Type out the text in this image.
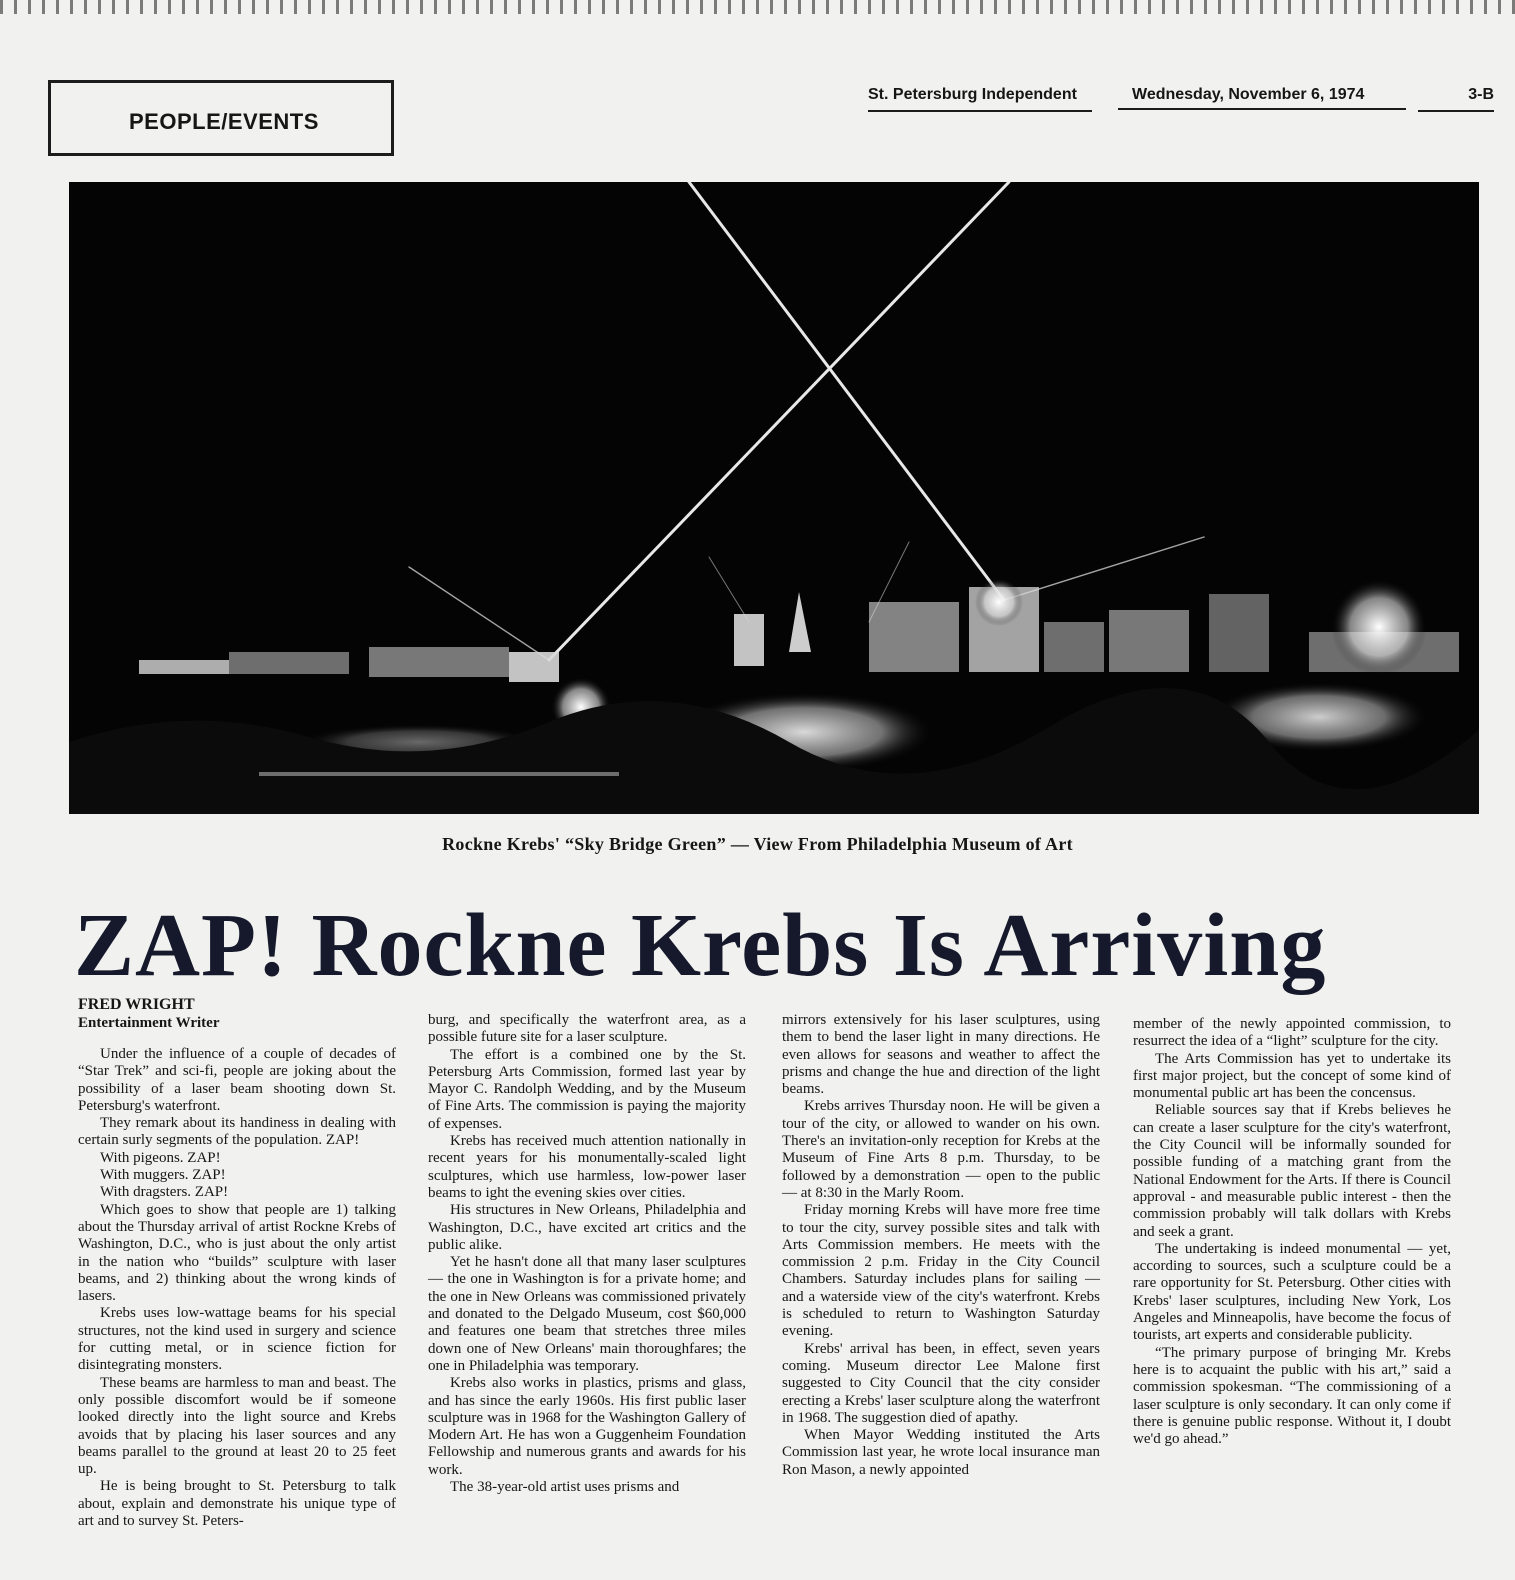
PEOPLE/EVENTS
St. Petersburg Independent	Wednesday, November 6, 1974	3-B
Rockne Krebs' “Sky Bridge Green” — View From Philadelphia Museum of Art
ZAP! Rockne Krebs Is Arriving
FRED WRIGHT
Entertainment Writer

Under the influence of a couple of decades of “Star Trek” and sci-fi, people are joking about the possibility of a laser beam shooting down St. Petersburg's waterfront.

They remark about its handiness in dealing with certain surly segments of the population. ZAP!

With pigeons. ZAP!

With muggers. ZAP!

With dragsters. ZAP!

Which goes to show that people are 1) talking about the Thursday arrival of artist Rockne Krebs of Washington, D.C., who is just about the only artist in the nation who “builds” sculpture with laser beams, and 2) thinking about the wrong kinds of lasers.

Krebs uses low-wattage beams for his special structures, not the kind used in surgery and science for cutting metal, or in science fiction for disintegrating monsters.

These beams are harmless to man and beast. The only possible discomfort would be if someone looked directly into the light source and Krebs avoids that by placing his laser sources and any beams parallel to the ground at least 20 to 25 feet up.

He is being brought to St. Petersburg to talk about, explain and demonstrate his unique type of art and to survey St. Peters-

burg, and specifically the waterfront area, as a possible future site for a laser sculpture.

The effort is a combined one by the St. Petersburg Arts Commission, formed last year by Mayor C. Randolph Wedding, and by the Museum of Fine Arts. The commission is paying the majority of expenses.

Krebs has received much attention nationally in recent years for his monumentally-scaled light sculptures, which use harmless, low-power laser beams to ight the evening skies over cities.

His structures in New Orleans, Philadelphia and Washington, D.C., have excited art critics and the public alike.

Yet he hasn't done all that many laser sculptures — the one in Washington is for a private home; and the one in New Orleans was commissioned privately and donated to the Delgado Museum, cost $60,000 and features one beam that stretches three miles down one of New Orleans' main thoroughfares; the one in Philadelphia was temporary.

Krebs also works in plastics, prisms and glass, and has since the early 1960s. His first public laser sculpture was in 1968 for the Washington Gallery of Modern Art. He has won a Guggenheim Foundation Fellowship and numerous grants and awards for his work.

The 38-year-old artist uses prisms and

mirrors extensively for his laser sculptures, using them to bend the laser light in many directions. He even allows for seasons and weather to affect the prisms and change the hue and direction of the light beams.

Krebs arrives Thursday noon. He will be given a tour of the city, or allowed to wander on his own. There's an invitation-only reception for Krebs at the Museum of Fine Arts 8 p.m. Thursday, to be followed by a demonstration — open to the public — at 8:30 in the Marly Room.

Friday morning Krebs will have more free time to tour the city, survey possible sites and talk with Arts Commission members. He meets with the commission 2 p.m. Friday in the City Council Chambers. Saturday includes plans for sailing — and a waterside view of the city's waterfront. Krebs is scheduled to return to Washington Saturday evening.

Krebs' arrival has been, in effect, seven years coming. Museum director Lee Malone first suggested to City Council that the city consider erecting a Krebs' laser sculpture along the waterfront in 1968. The suggestion died of apathy.

When Mayor Wedding instituted the Arts Commission last year, he wrote local insurance man Ron Mason, a newly appointed

member of the newly appointed commission, to resurrect the idea of a “light” sculpture for the city.

The Arts Commission has yet to undertake its first major project, but the concept of some kind of monumental public art has been the concensus.

Reliable sources say that if Krebs believes he can create a laser sculpture for the city's waterfront, the City Council will be informally sounded for possible funding of a matching grant from the National Endowment for the Arts. If there is Council approval - and measurable public interest - then the commission probably will talk dollars with Krebs and seek a grant.

The undertaking is indeed monumental — yet, according to sources, such a sculpture could be a rare opportunity for St. Petersburg. Other cities with Krebs' laser sculptures, including New York, Los Angeles and Minneapolis, have become the focus of tourists, art experts and considerable publicity.

“The primary purpose of bringing Mr. Krebs here is to acquaint the public with his art,” said a commission spokesman. “The commissioning of a laser sculpture is only secondary. It can only come if there is genuine public response. Without it, I doubt we'd go ahead.”
